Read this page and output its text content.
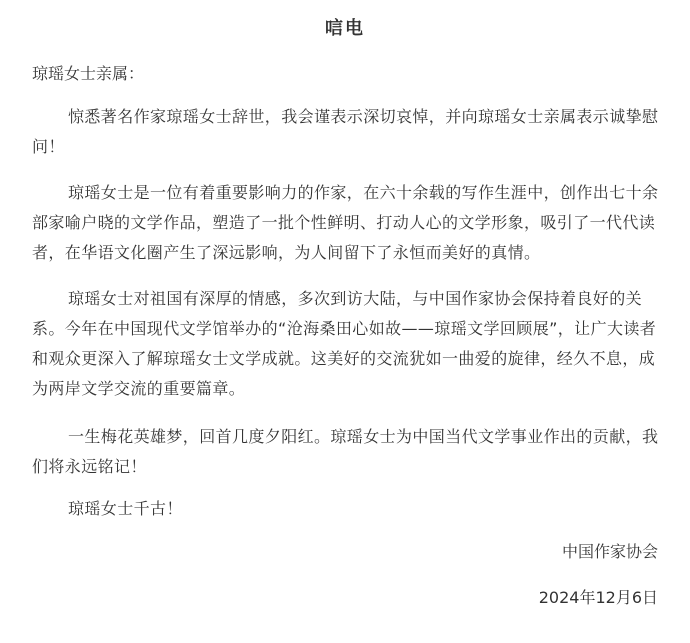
唁电
琼瑶女士亲属：

惊悉著名作家琼瑶女士辞世，我会谨表示深切哀悼，并向琼瑶女士亲属表示诚挚慰问！

琼瑶女士是一位有着重要影响力的作家，在六十余载的写作生涯中，创作出七十余部家喻户晓的文学作品，塑造了一批个性鲜明、打动人心的文学形象，吸引了一代代读者，在华语文化圈产生了深远影响，为人间留下了永恒而美好的真情。

琼瑶女士对祖国有深厚的情感，多次到访大陆，与中国作家协会保持着良好的关系。今年在中国现代文学馆举办的“沧海桑田心如故——琼瑶文学回顾展”，让广大读者和观众更深入了解琼瑶女士文学成就。这美好的交流犹如一曲爱的旋律，经久不息，成为两岸文学交流的重要篇章。

一生梅花英雄梦，回首几度夕阳红。琼瑶女士为中国当代文学事业作出的贡献，我们将永远铭记！

琼瑶女士千古！

中国作家协会
2024年12月6日
